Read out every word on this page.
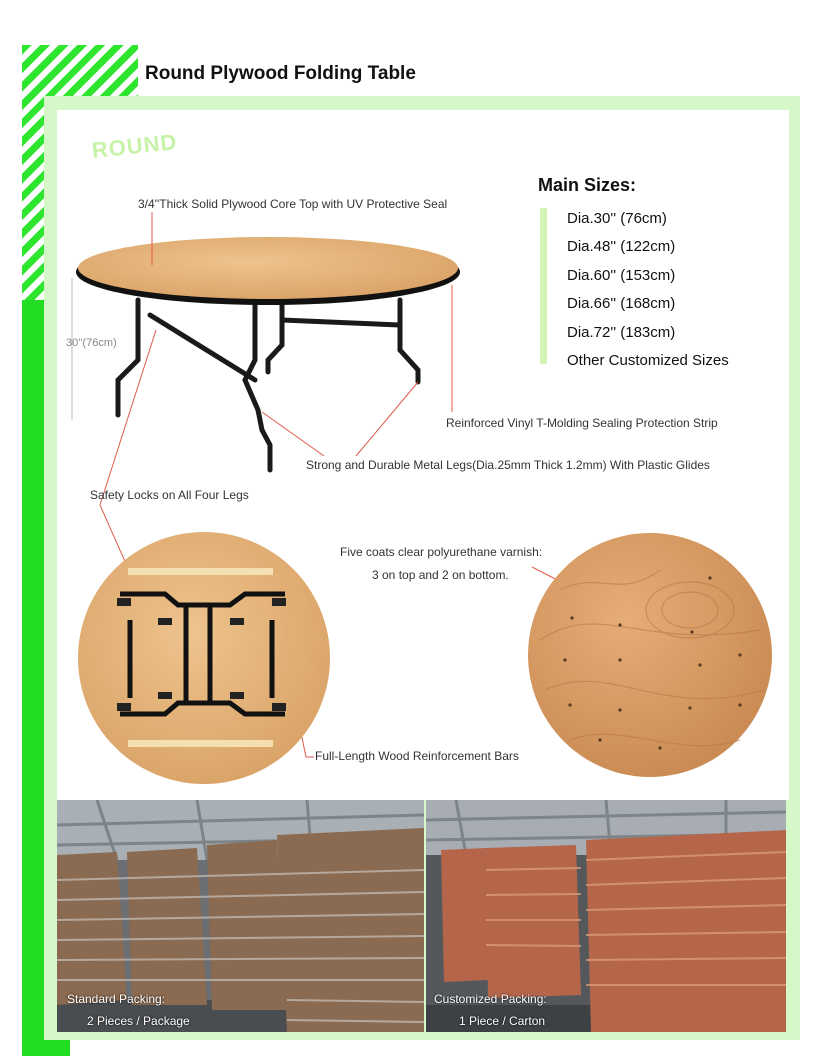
Round Plywood Folding Table
ROUND
Main Sizes:
Dia.30'' (76cm)
Dia.48'' (122cm)
Dia.60'' (153cm)
Dia.66'' (168cm)
Dia.72'' (183cm)
Other Customized Sizes
3/4''Thick Solid Plywood Core Top with UV Protective Seal
30''(76cm)
Reinforced Vinyl T-Molding Sealing Protection Strip
Strong and Durable Metal Legs(Dia.25mm Thick 1.2mm) With Plastic Glides
Safety Locks on All Four Legs
Five coats clear polyurethane varnish:
3 on top and 2 on bottom.
Full-Length Wood Reinforcement Bars
Standard Packing:
2 Pieces / Package
Customized Packing:
1 Piece / Carton
